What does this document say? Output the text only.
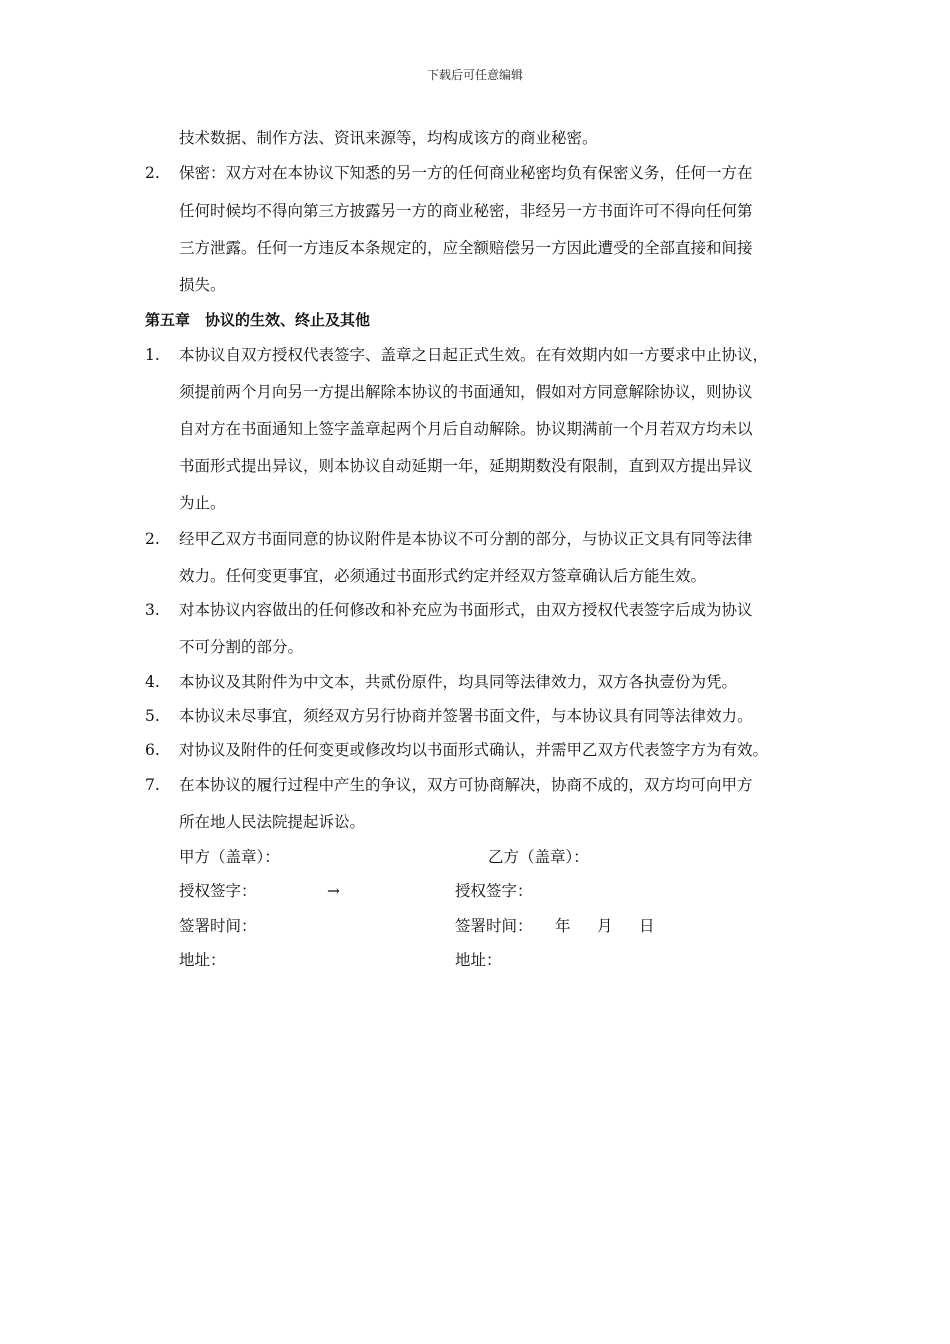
下载后可任意编辑
技术数据、制作方法、资讯来源等，均构成该方的商业秘密。
2. 保密：双方对在本协议下知悉的另一方的任何商业秘密均负有保密义务，任何一方在
任何时候均不得向第三方披露另一方的商业秘密，非经另一方书面许可不得向任何第
三方泄露。任何一方违反本条规定的，应全额赔偿另一方因此遭受的全部直接和间接
损失。
第五章　协议的生效、终止及其他
1. 本协议自双方授权代表签字、盖章之日起正式生效。在有效期内如一方要求中止协议，
须提前两个月向另一方提出解除本协议的书面通知，假如对方同意解除协议，则协议
自对方在书面通知上签字盖章起两个月后自动解除。协议期满前一个月若双方均未以
书面形式提出异议，则本协议自动延期一年，延期期数没有限制，直到双方提出异议
为止。
2. 经甲乙双方书面同意的协议附件是本协议不可分割的部分，与协议正文具有同等法律
效力。任何变更事宜，必须通过书面形式约定并经双方签章确认后方能生效。
3. 对本协议内容做出的任何修改和补充应为书面形式，由双方授权代表签字后成为协议
不可分割的部分。
4. 本协议及其附件为中文本，共贰份原件，均具同等法律效力，双方各执壹份为凭。
5. 本协议未尽事宜，须经双方另行协商并签署书面文件，与本协议具有同等法律效力。
6. 对协议及附件的任何变更或修改均以书面形式确认，并需甲乙双方代表签字方为有效。
7. 在本协议的履行过程中产生的争议，双方可协商解决，协商不成的，双方均可向甲方
所在地人民法院提起诉讼。
甲方（盖章）：	乙方（盖章）：
授权签字：	→	授权签字：
签署时间：	签署时间： 年 月 日
地址：	地址：
